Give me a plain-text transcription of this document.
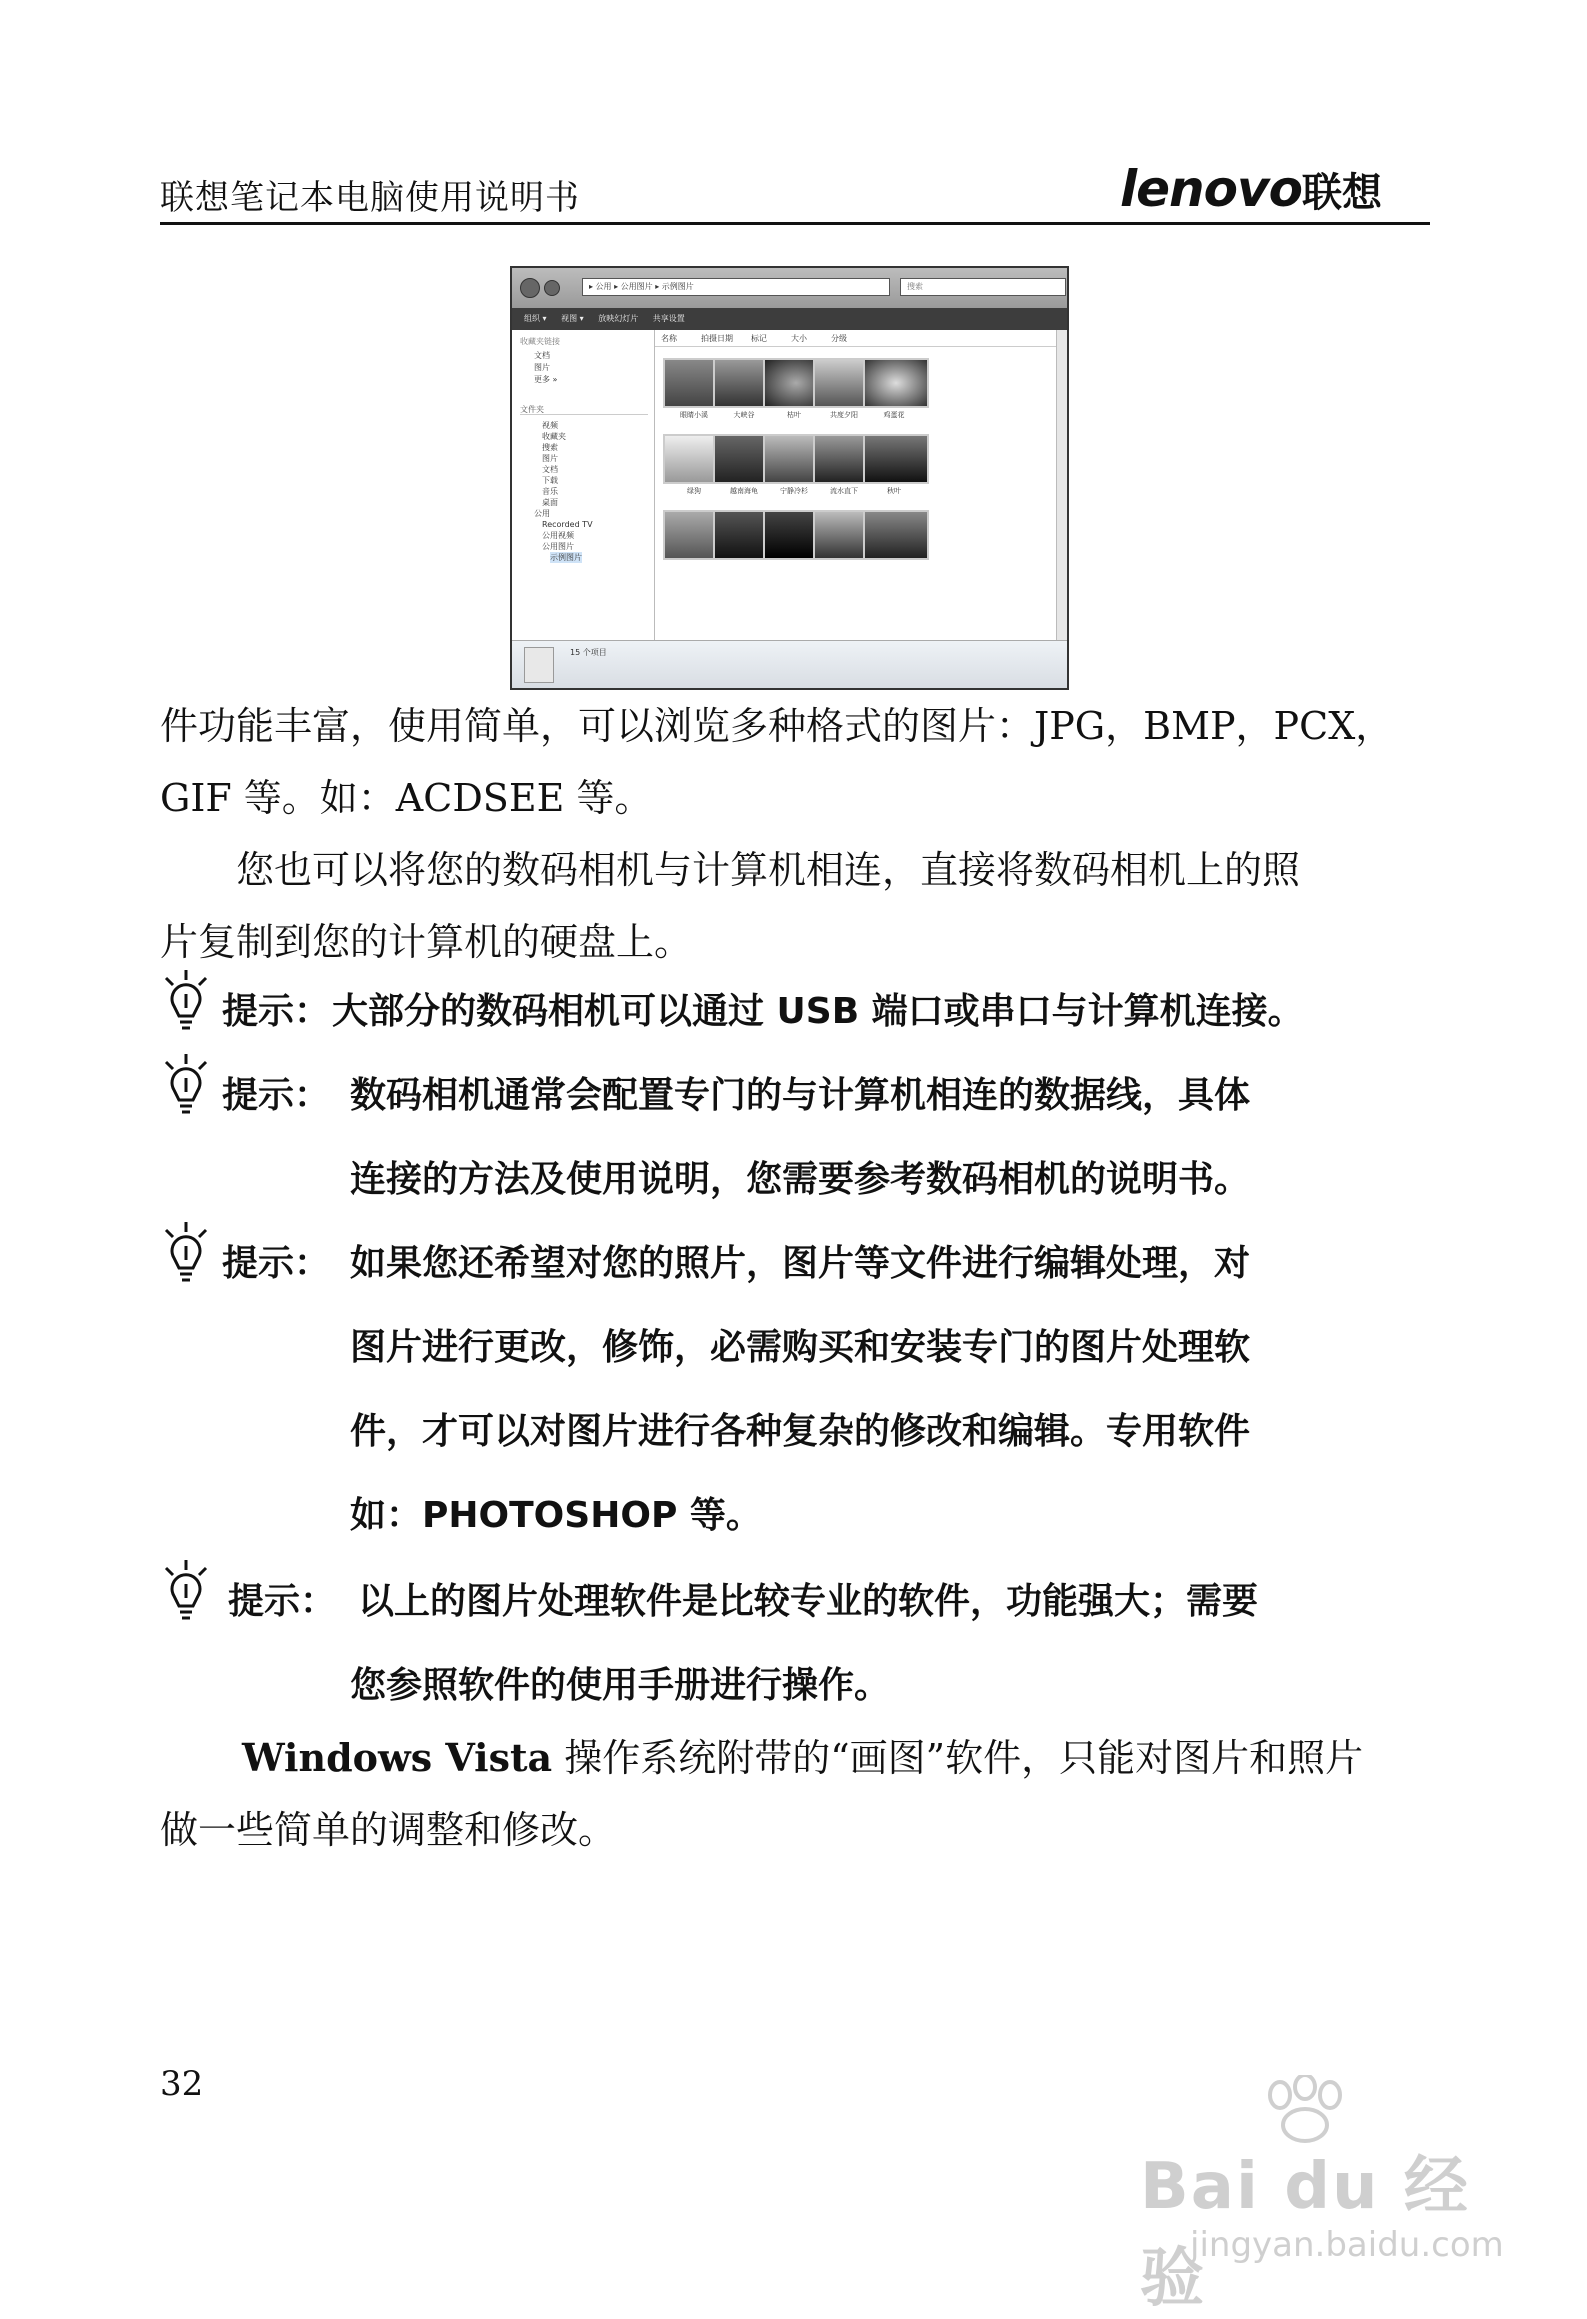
联想笔记本电脑使用说明书	lenovo联想
▸ 公用 ▸ 公用图片 ▸ 示例图片	搜索
组织 ▾ 视图 ▾ 放映幻灯片 共享设置
收藏夹链接
文档
图片
更多 »
文件夹
视频
收藏夹
搜索
图片
文档
下载
音乐
桌面
公用
Recorded TV
公用视频
公用图片
示例图片
名称	拍摄日期 标记	大小	分级
眼睛小溪	大峡谷	枯叶	共度夕阳	鸡蛋花
绿狗	越南海龟	宁静冷杉	流水直下	秋叶
15 个项目
件功能丰富，使用简单，可以浏览多种格式的图片：JPG，BMP，PCX，
GIF 等。如：ACDSEE 等。
　　您也可以将您的数码相机与计算机相连，直接将数码相机上的照
片复制到您的计算机的硬盘上。
提示： 大部分的数码相机可以通过 USB 端口或串口与计算机连接。
提示： 数码相机通常会配置专门的与计算机相连的数据线，具体
连接的方法及使用说明，您需要参考数码相机的说明书。
提示： 如果您还希望对您的照片，图片等文件进行编辑处理，对
图片进行更改，修饰，必需购买和安装专门的图片处理软
件，才可以对图片进行各种复杂的修改和编辑。专用软件
如：PHOTOSHOP 等。
提示： 以上的图片处理软件是比较专业的软件，功能强大；需要
您参照软件的使用手册进行操作。
Windows Vista 操作系统附带的“画图”软件，只能对图片和照片
做一些简单的调整和修改。
32
Bai du 经验
jingyan.baidu.com
